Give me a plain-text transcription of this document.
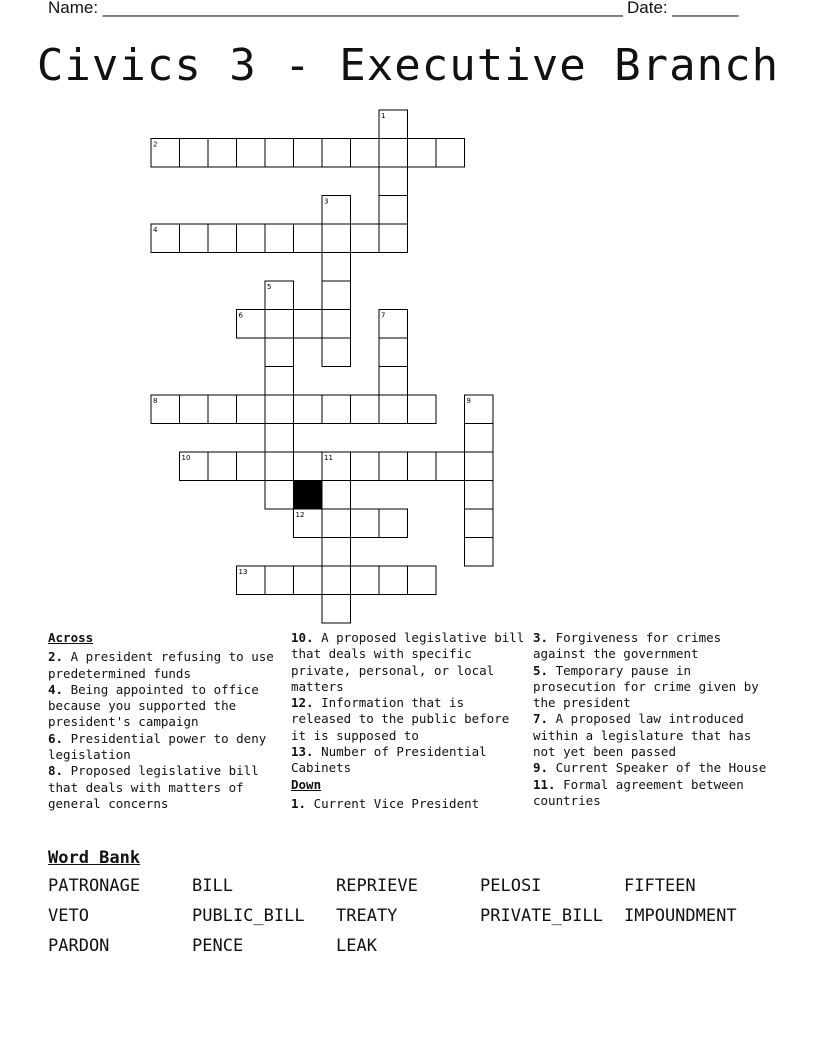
Name: _______________________________________________________ Date: _______
Civics 3 - Executive Branch
1
2
3
4
5
6	7
8	9
10	11
12
13
Across

2. A president refusing to use predetermined funds

4. Being appointed to office because you supported the president's campaign

6. Presidential power to deny legislation

8. Proposed legislative bill that deals with matters of general concerns

10. A proposed legislative bill that deals with specific private, personal, or local matters

12. Information that is released to the public before it is supposed to

13. Number of Presidential Cabinets

Down

1. Current Vice President

3. Forgiveness for crimes against the government

5. Temporary pause in prosecution for crime given by the president

7. A proposed law introduced within a legislature that has not yet been passed

9. Current Speaker of the House

11. Formal agreement between countries

Word Bank
PATRONAGE	BILL	REPRIEVE	PELOSI	FIFTEEN
VETO	PUBLIC_BILL	TREATY	PRIVATE_BILL	IMPOUNDMENT
PARDON	PENCE	LEAK
